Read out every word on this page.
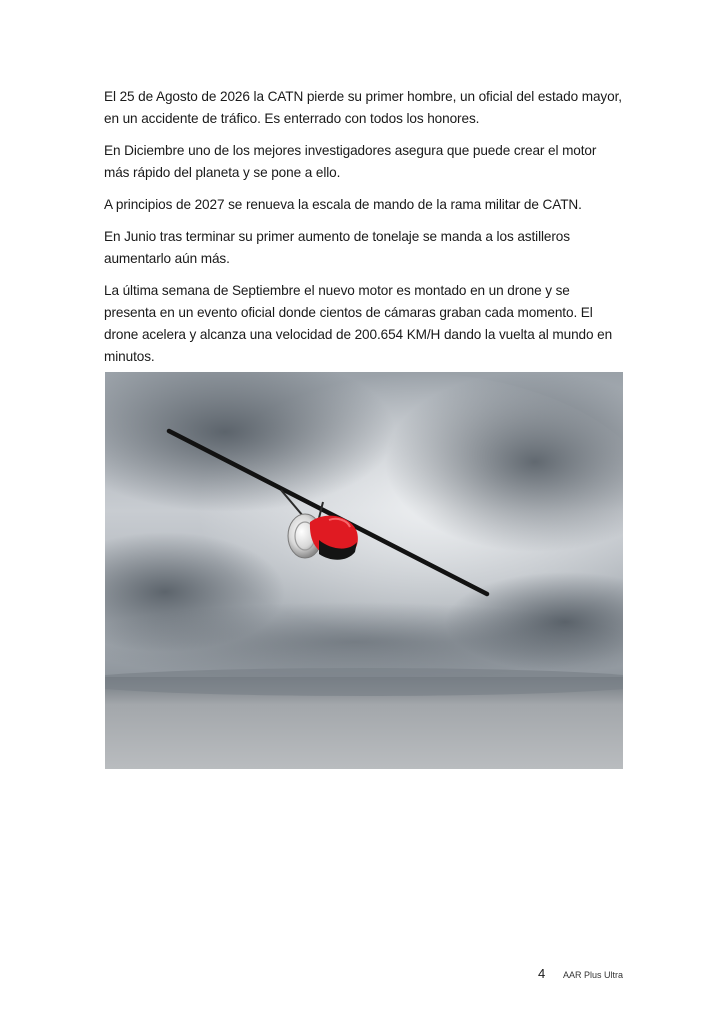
El 25 de Agosto de 2026 la CATN pierde su primer hombre, un oficial del estado mayor, en un accidente de tráfico. Es enterrado con todos los honores.

En Diciembre uno de los mejores investigadores asegura que puede crear el motor más rápido del planeta y se pone a ello.

A principios de 2027 se renueva la escala de mando de la rama militar de CATN.

En Junio tras terminar su primer aumento de tonelaje se manda a los astilleros aumentarlo aún más.

La última semana de Septiembre el nuevo motor es montado en un drone y se presenta en un evento oficial donde cientos de cámaras graban cada momento. El drone acelera y alcanza una velocidad de 200.654 KM/H dando la vuelta al mundo en minutos.

4 AAR Plus Ultra
